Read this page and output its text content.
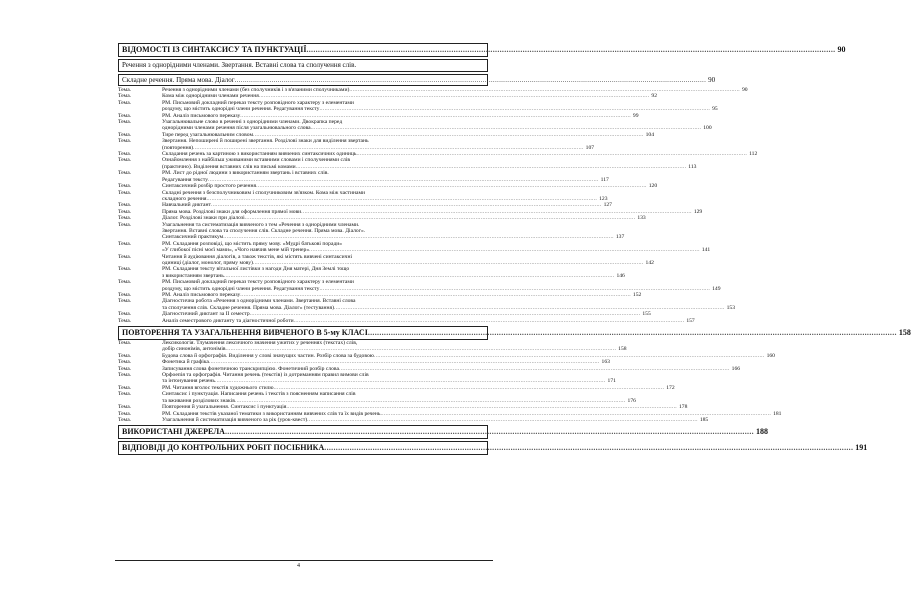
ВІДОМОСТІ ІЗ СИНТАКСИСУ ТА ПУНКТУАЦІЇ .....	90
Речення з однорідними членами. Звертання. Вставні слова та сполучення слів.
Складне речення. Пряма мова. Діалог .....	90
Тема.	Речення з однорідними членами (без сполучників і з в'язаними сполучниками) .....	90
Тема.	Кома між однорідними членами речення .....	92
Тема.	РМ. Письмовий докладний переказ тексту розповідного характеру з елементами
роздуму, що містить однорідні члени речення. Редагування тексту .....	95
Тема.	РМ. Аналіз письмового переказу .....	99
Тема.	Узагальнювальне слово в реченні з однорідними членами. Двокрапка перед
однорідними членами речення після узагальнювального слова .....	100
Тема.	Тире перед узагальнювальним словом .....	104
Тема.	Звертання. Непоширені й поширені звертання. Розділові знаки для виділення звертань
(повторення) .....	107
Тема.	Складання речень за картиною з використанням вивчених синтаксичних одиниць .....	112
Тема.	Ознайомлення з найбільш уживаними вставними словами і сполученнями слів
(практично). Виділення вставних слів на письмі комами .....	113
Тема.	РМ. Лист до рідної людини з використанням звертань і вставних слів.
Редагування тексту .....	117
Тема.	Синтаксичний розбір простого речення .....	120
Тема.	Складні речення з безсполучниковим і сполучниковим зв'язком. Кома між частинами
складного речення .....	123
Тема.	Навчальний диктант .....	127
Тема.	Пряма мова. Розділові знаки для оформлення прямої мови .....	129
Тема.	Діалог. Розділові знаки при діалозі .....	133
Тема.	Узагальнення та систематизація вивченого з тем «Речення з однорідними членами.
Звертання. Вставні слова та сполучення слів. Складне речення. Пряма мова. Діалог».
Синтаксичний практикум .....	137
Тема.	РМ. Складання розповіді, що містить пряму мову. «Мудрі батькові поради»
«У глибокої пісні моєї мами», «Чого навчив мене мій тренер» .....	141
Тема.	Читання й аудіювання діалогів, а також текстів, які містять вивчені синтаксичні
одиниці (діалог, монолог, пряму мову) .....	142
Тема.	РМ. Складання тексту вітальної листівки з нагоди Дня матері, Дня Землі тощо
з використанням звертань .....	146
Тема.	РМ. Письмовий докладний переказ тексту розповідного характеру з елементами
роздуму, що містить однорідні члени речення. Редагування тексту .....	149
Тема.	РМ. Аналіз письмового переказу .....	152
Тема.	Діагностична робота «Речення з однорідними членами. Звертання. Вставні слова
та сполучення слів. Складне речення. Пряма мова. Діалог» (тестування) .....	153
Тема.	Діагностичний диктант за II семестр .....	155
Тема.	Аналіз семестрового диктанту та діагностичної роботи .....	157
ПОВТОРЕННЯ ТА УЗАГАЛЬНЕННЯ ВИВЧЕНОГО В 5-му КЛАСІ .....	158
Тема.	Лексикологія. Тлумачення лексичного значення ужитих у реченнях (текстах) слів,
добір синонімів, антонімів .....	158
Тема.	Будова слова й орфографія. Виділення у слові значущих частин. Розбір слова за будовою .....	160
Тема.	Фонетика й графіка .....	163
Тема.	Записування слова фонетичною транскрипцією. Фонетичний розбір слова .....	166
Тема.	Орфоепія та орфографія. Читання речень (текстів) із дотриманням правил вимови слів
та інтонування речень .....	171
Тема.	РМ. Читання вголос текстів художнього стилю .....	172
Тема.	Синтаксис і пунктуація. Написання речень і текстів з поясненням написання слів
та вживання розділових знаків .....	176
Тема.	Повторення й узагальнення. Синтаксис і пунктуація .....	178
Тема.	РМ. Складання текстів указаної тематики з використанням вивчених слів та їх видів речень .....	181
Тема.	Узагальнення й систематизація вивченого за рік (урок-квест) .....	185
ВИКОРИСТАНІ ДЖЕРЕЛА .....	188
ВІДПОВІДІ ДО КОНТРОЛЬНИХ РОБІТ ПОСІБНИКА .....	191
4
